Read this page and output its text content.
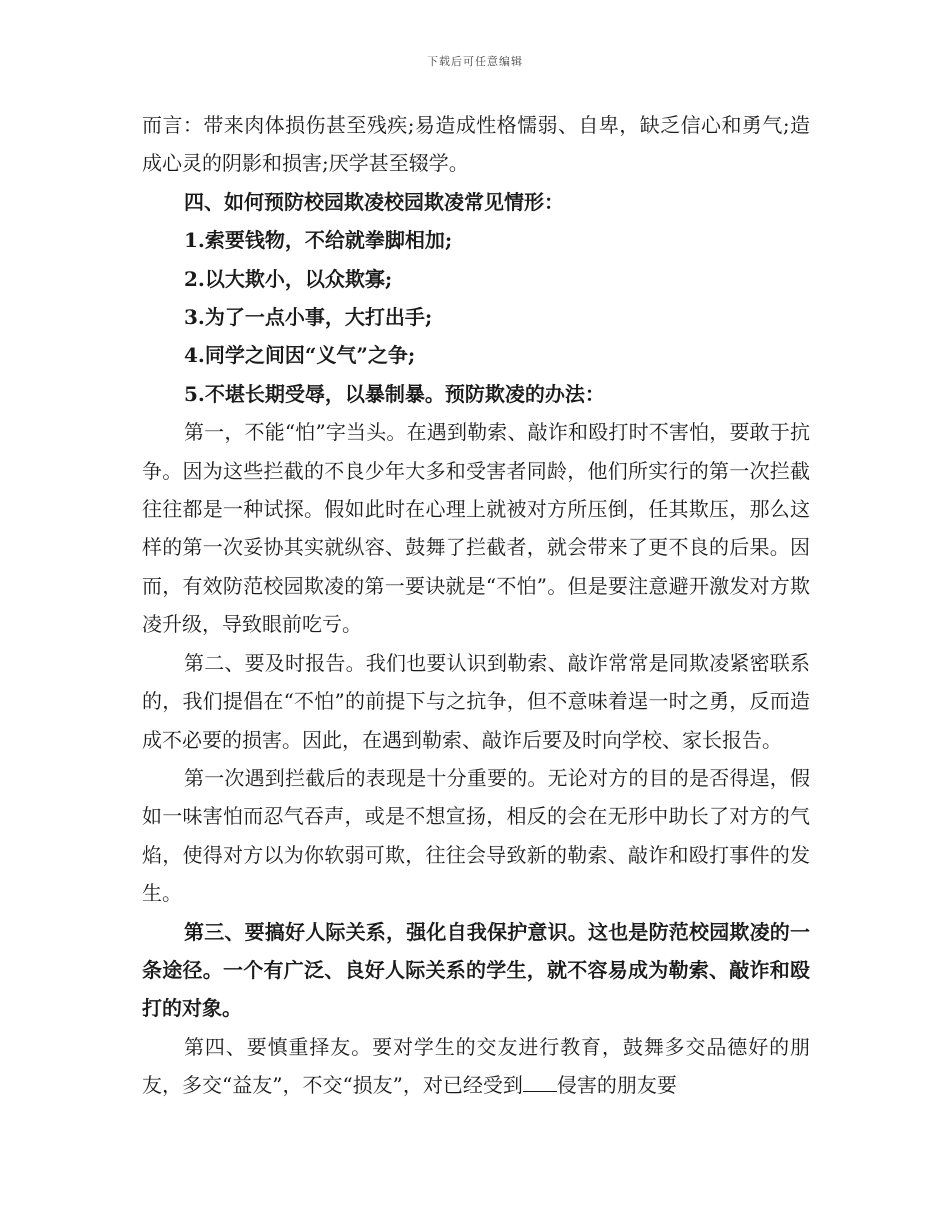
下载后可任意编辑

而言：带来肉体损伤甚至残疾;易造成性格懦弱、自卑，缺乏信心和勇气;造成心灵的阴影和损害;厌学甚至辍学。

四、如何预防校园欺凌校园欺凌常见情形：

1.索要钱物，不给就拳脚相加;

2.以大欺小，以众欺寡;

3.为了一点小事，大打出手;

4.同学之间因“义气”之争;

5.不堪长期受辱，以暴制暴。预防欺凌的办法：

第一，不能“怕”字当头。在遇到勒索、敲诈和殴打时不害怕，要敢于抗争。因为这些拦截的不良少年大多和受害者同龄，他们所实行的第一次拦截往往都是一种试探。假如此时在心理上就被对方所压倒，任其欺压，那么这样的第一次妥协其实就纵容、鼓舞了拦截者，就会带来了更不良的后果。因而，有效防范校园欺凌的第一要诀就是“不怕”。但是要注意避开激发对方欺凌升级，导致眼前吃亏。

第二、要及时报告。我们也要认识到勒索、敲诈常常是同欺凌紧密联系的，我们提倡在“不怕”的前提下与之抗争，但不意味着逞一时之勇，反而造成不必要的损害。因此，在遇到勒索、敲诈后要及时向学校、家长报告。

第一次遇到拦截后的表现是十分重要的。无论对方的目的是否得逞，假如一味害怕而忍气吞声，或是不想宣扬，相反的会在无形中助长了对方的气焰，使得对方以为你软弱可欺，往往会导致新的勒索、敲诈和殴打事件的发生。

第三、要搞好人际关系，强化自我保护意识。这也是防范校园欺凌的一条途径。一个有广泛、良好人际关系的学生，就不容易成为勒索、敲诈和殴打的对象。

第四、要慎重择友。要对学生的交友进行教育，鼓舞多交品德好的朋友，多交“益友”，不交“损友”，对已经受到 侵害的朋友要
